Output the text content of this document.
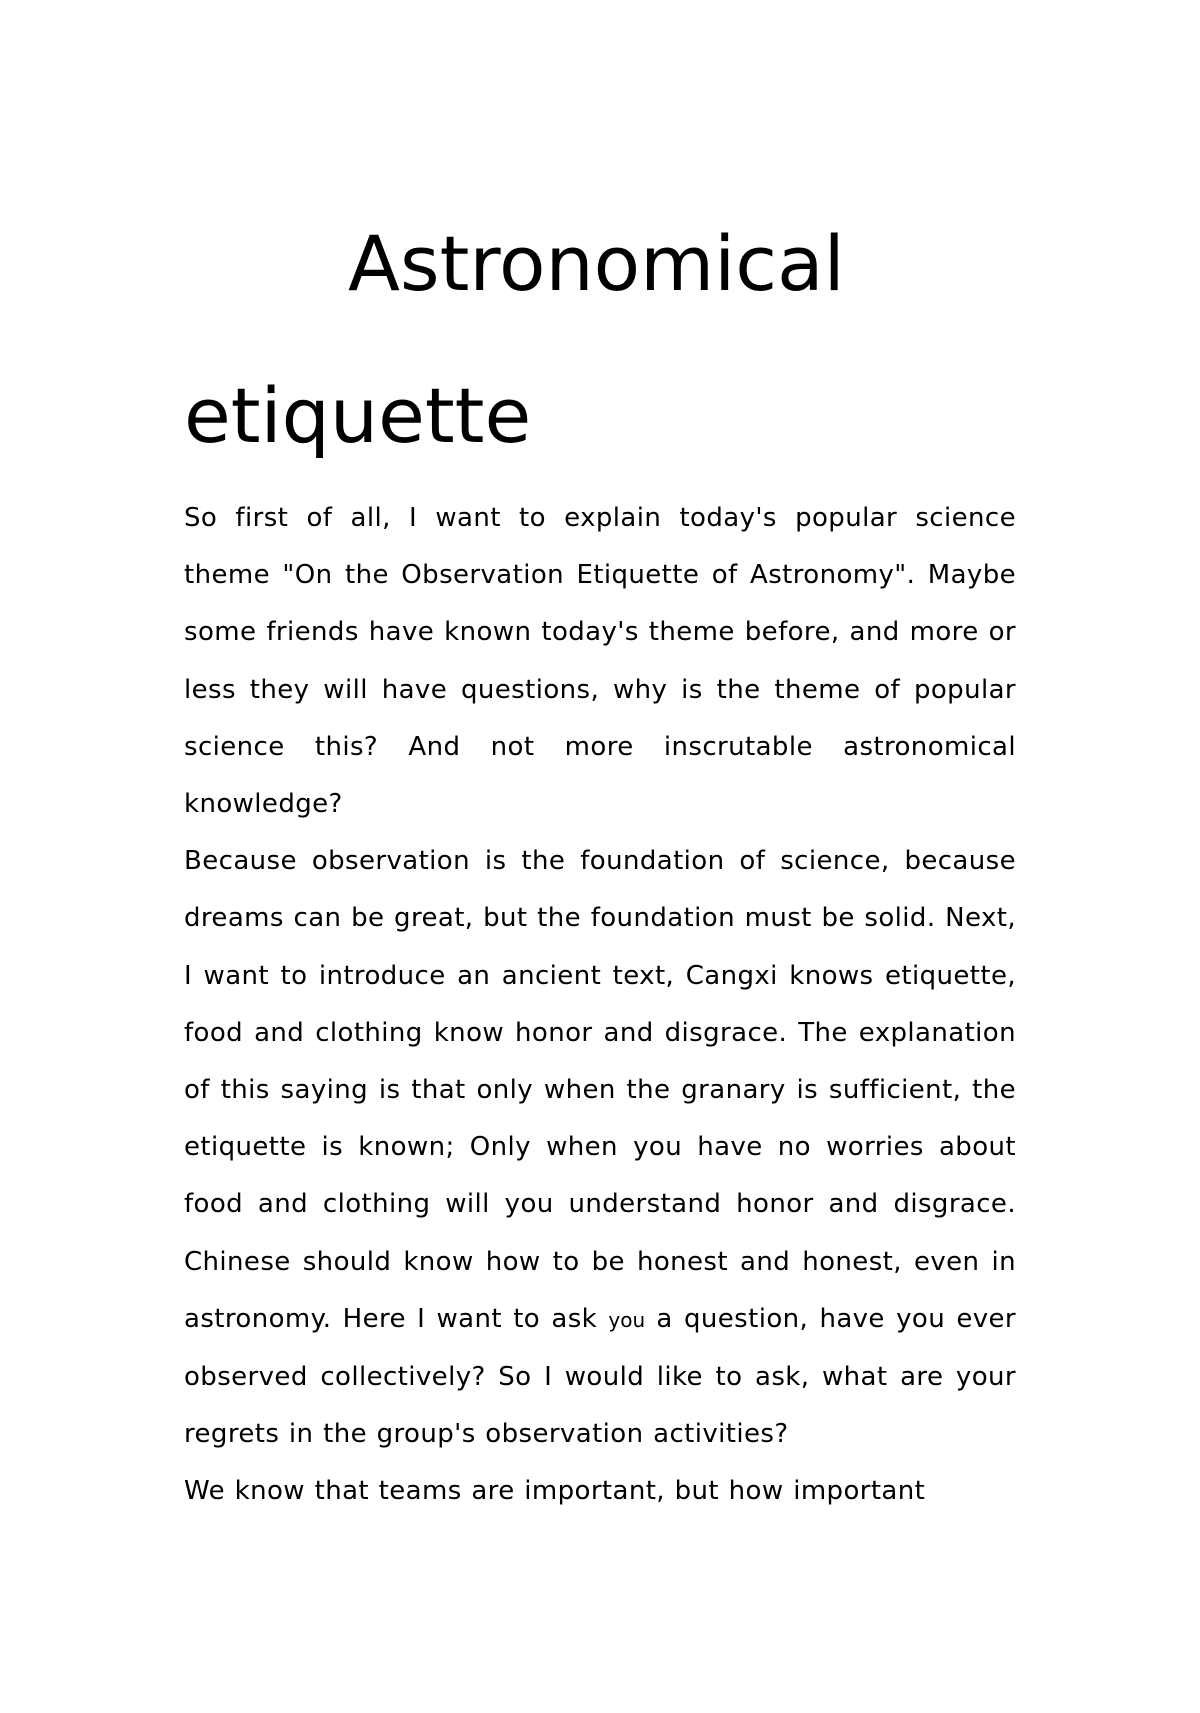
Astronomical etiquette

So first of all, I want to explain today's popular science theme "On the Observation Etiquette of Astronomy". Maybe some friends have known today's theme before, and more or less they will have questions, why is the theme of popular science this? And not more inscrutable astronomical knowledge?

Because observation is the foundation of science, because dreams can be great, but the foundation must be solid. Next, I want to introduce an ancient text, Cangxi knows etiquette, food and clothing know honor and disgrace. The explanation of this saying is that only when the granary is sufficient, the etiquette is known; Only when you have no worries about food and clothing will you understand honor and disgrace. Chinese should know how to be honest and honest, even in astronomy. Here I want to ask you a question, have you ever observed collectively? So I would like to ask, what are your regrets in the group's observation activities?

We know that teams are important, but how important
